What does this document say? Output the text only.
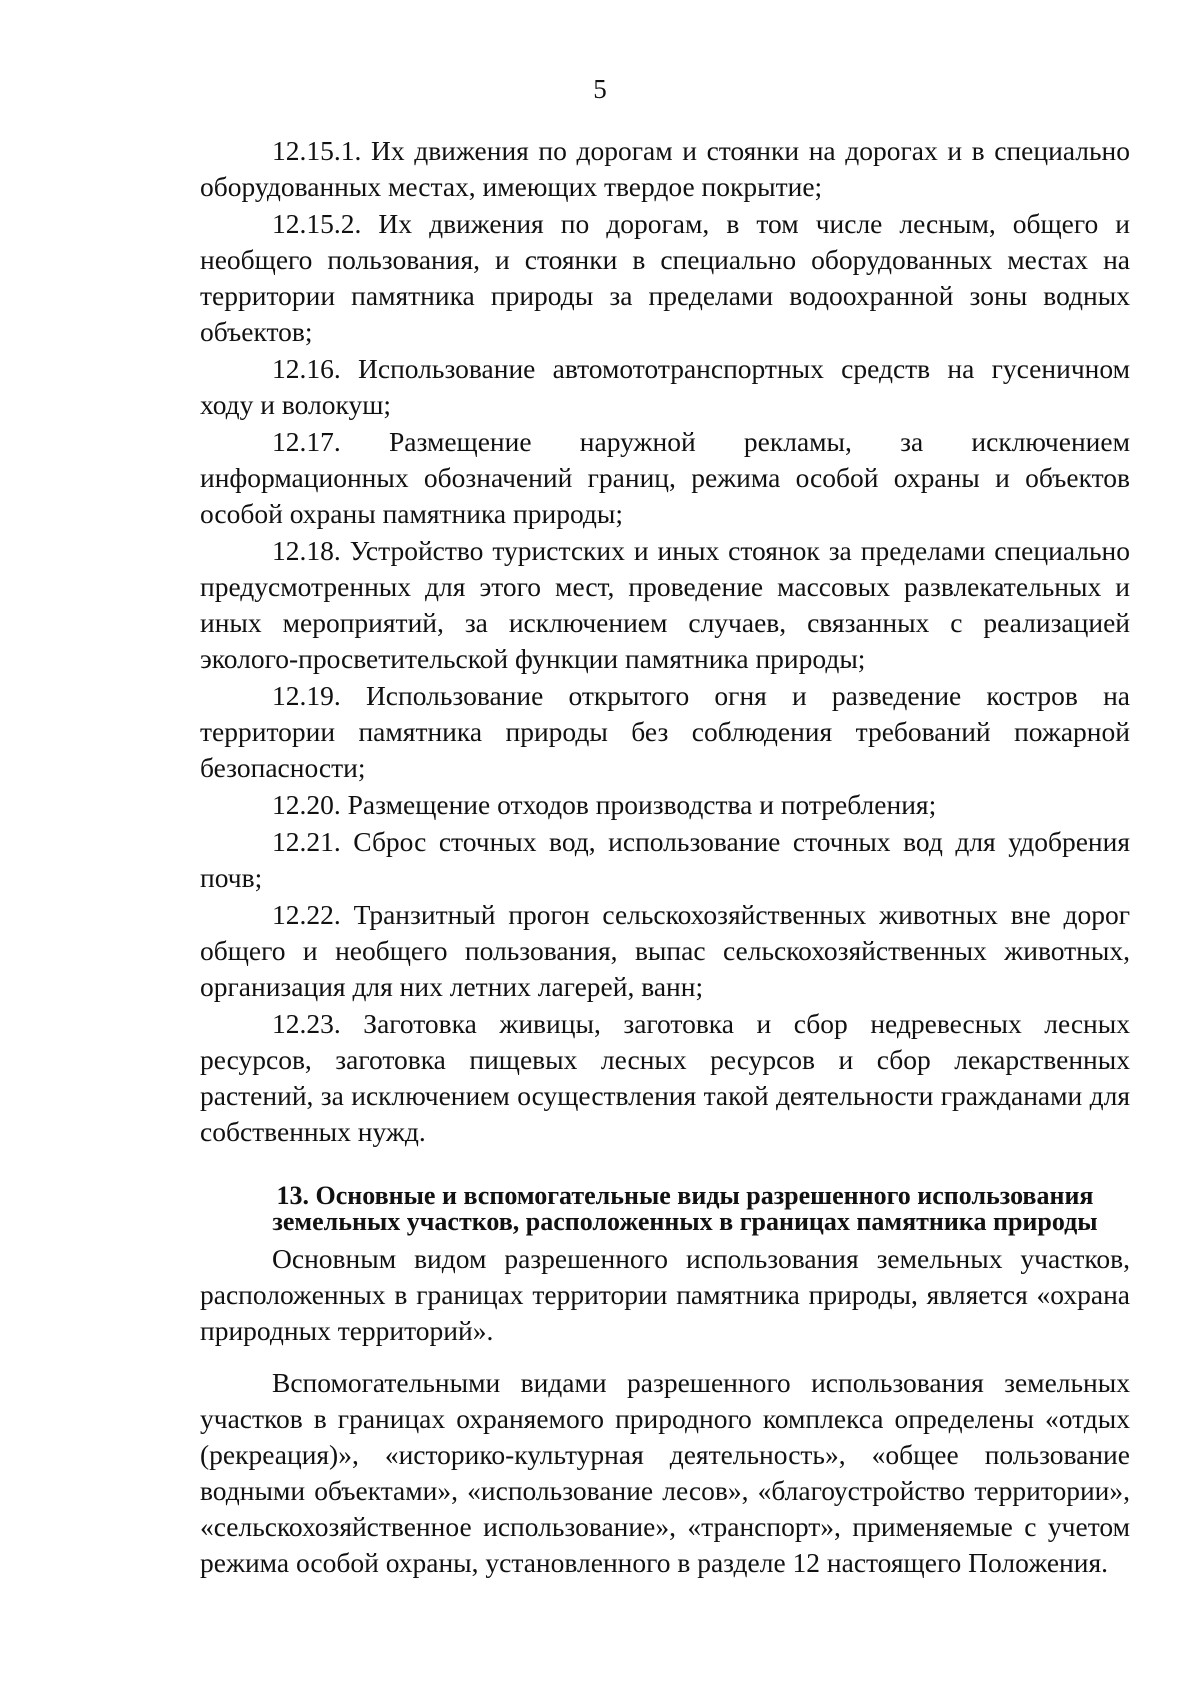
5

12.15.1. Их движения по дорогам и стоянки на дорогах и в специально оборудованных местах, имеющих твердое покрытие;

12.15.2. Их движения по дорогам, в том числе лесным, общего и необщего пользования, и стоянки в специально оборудованных местах на территории памятника природы за пределами водоохранной зоны водных объектов;

12.16. Использование автомототранспортных средств на гусеничном ходу и волокуш;

12.17. Размещение наружной рекламы, за исключением информационных обозначений границ, режима особой охраны и объектов особой охраны памятника природы;

12.18. Устройство туристских и иных стоянок за пределами специально предусмотренных для этого мест, проведение массовых развлекательных и иных мероприятий, за исключением случаев, связанных с реализацией эколого-просветительской функции памятника природы;

12.19. Использование открытого огня и разведение костров на территории памятника природы без соблюдения требований пожарной безопасности;

12.20. Размещение отходов производства и потребления;

12.21. Сброс сточных вод, использование сточных вод для удобрения почв;

12.22. Транзитный прогон сельскохозяйственных животных вне дорог общего и необщего пользования, выпас сельскохозяйственных животных, организация для них летних лагерей, ванн;

12.23. Заготовка живицы, заготовка и сбор недревесных лесных ресурсов, заготовка пищевых лесных ресурсов и сбор лекарственных растений, за исключением осуществления такой деятельности гражданами для собственных нужд.

13. Основные и вспомогательные виды разрешенного использования
земельных участков, расположенных в границах памятника природы

Основным видом разрешенного использования земельных участков, расположенных в границах территории памятника природы, является «охрана природных территорий».

Вспомогательными видами разрешенного использования земельных участков в границах охраняемого природного комплекса определены «отдых (рекреация)», «историко-культурная деятельность», «общее пользование водными объектами», «использование лесов», «благоустройство территории», «сельскохозяйственное использование», «транспорт», применяемые с учетом режима особой охраны, установленного в разделе 12 настоящего Положения.
